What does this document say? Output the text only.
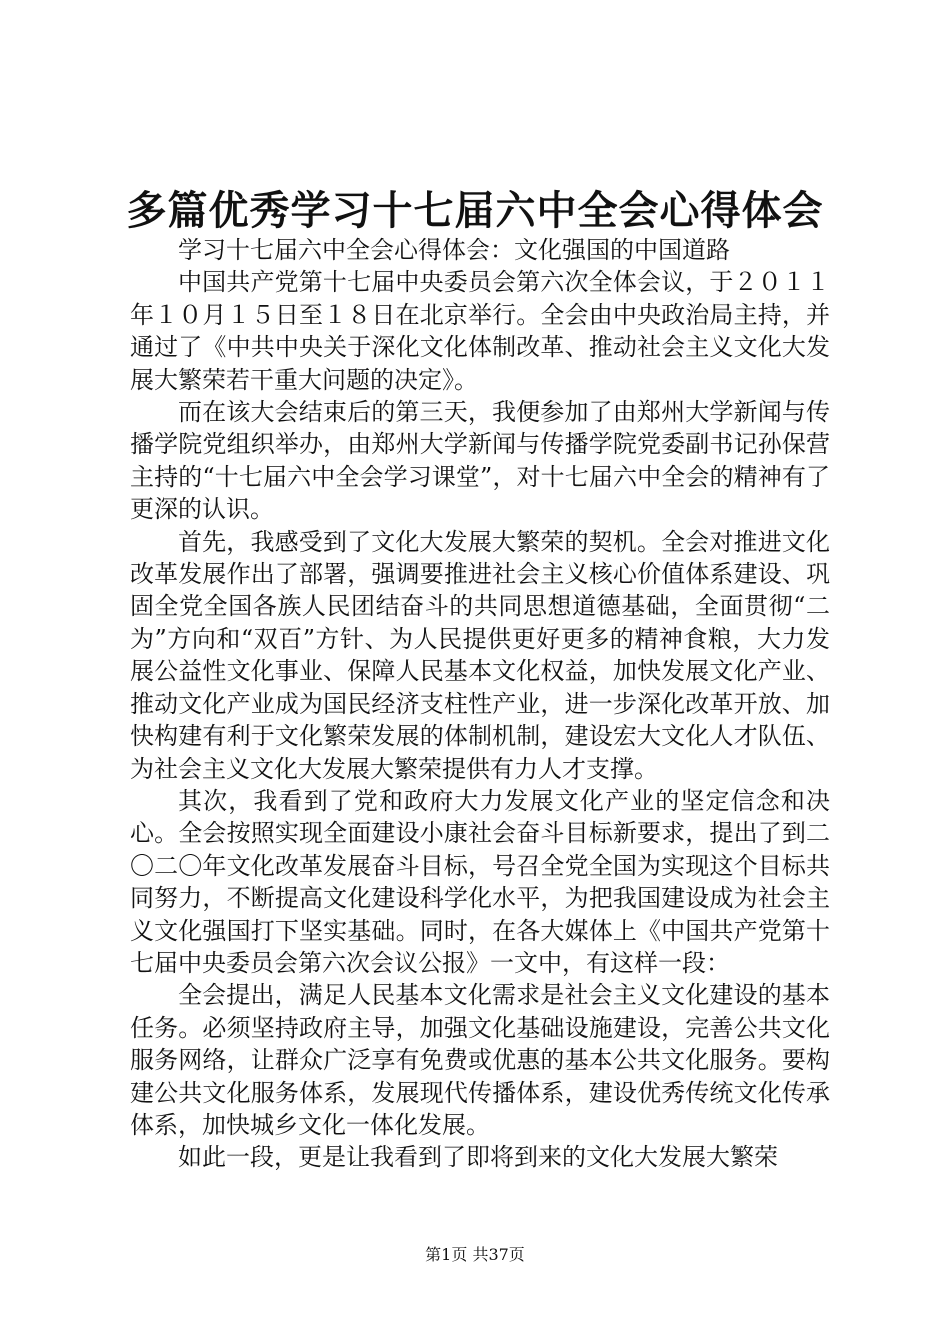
多篇优秀学习十七届六中全会心得体会

学习十七届六中全会心得体会：文化强国的中国道路

中国共产党第十七届中央委员会第六次全体会议，于２０１１年１０月１５日至１８日在北京举行。全会由中央政治局主持，并通过了《中共中央关于深化文化体制改革、推动社会主义文化大发展大繁荣若干重大问题的决定》。

而在该大会结束后的第三天，我便参加了由郑州大学新闻与传播学院党组织举办，由郑州大学新闻与传播学院党委副书记孙保营主持的“十七届六中全会学习课堂”，对十七届六中全会的精神有了更深的认识。

首先，我感受到了文化大发展大繁荣的契机。全会对推进文化改革发展作出了部署，强调要推进社会主义核心价值体系建设、巩固全党全国各族人民团结奋斗的共同思想道德基础，全面贯彻“二为”方向和“双百”方针、为人民提供更好更多的精神食粮，大力发展公益性文化事业、保障人民基本文化权益，加快发展文化产业、推动文化产业成为国民经济支柱性产业，进一步深化改革开放、加快构建有利于文化繁荣发展的体制机制，建设宏大文化人才队伍、为社会主义文化大发展大繁荣提供有力人才支撑。

其次，我看到了党和政府大力发展文化产业的坚定信念和决心。全会按照实现全面建设小康社会奋斗目标新要求，提出了到二〇二〇年文化改革发展奋斗目标，号召全党全国为实现这个目标共同努力，不断提高文化建设科学化水平，为把我国建设成为社会主义文化强国打下坚实基础。同时，在各大媒体上《中国共产党第十七届中央委员会第六次会议公报》一文中，有这样一段：

全会提出，满足人民基本文化需求是社会主义文化建设的基本任务。必须坚持政府主导，加强文化基础设施建设，完善公共文化服务网络，让群众广泛享有免费或优惠的基本公共文化服务。要构建公共文化服务体系，发展现代传播体系，建设优秀传统文化传承体系，加快城乡文化一体化发展。

如此一段，更是让我看到了即将到来的文化大发展大繁荣

第1页 共37页
